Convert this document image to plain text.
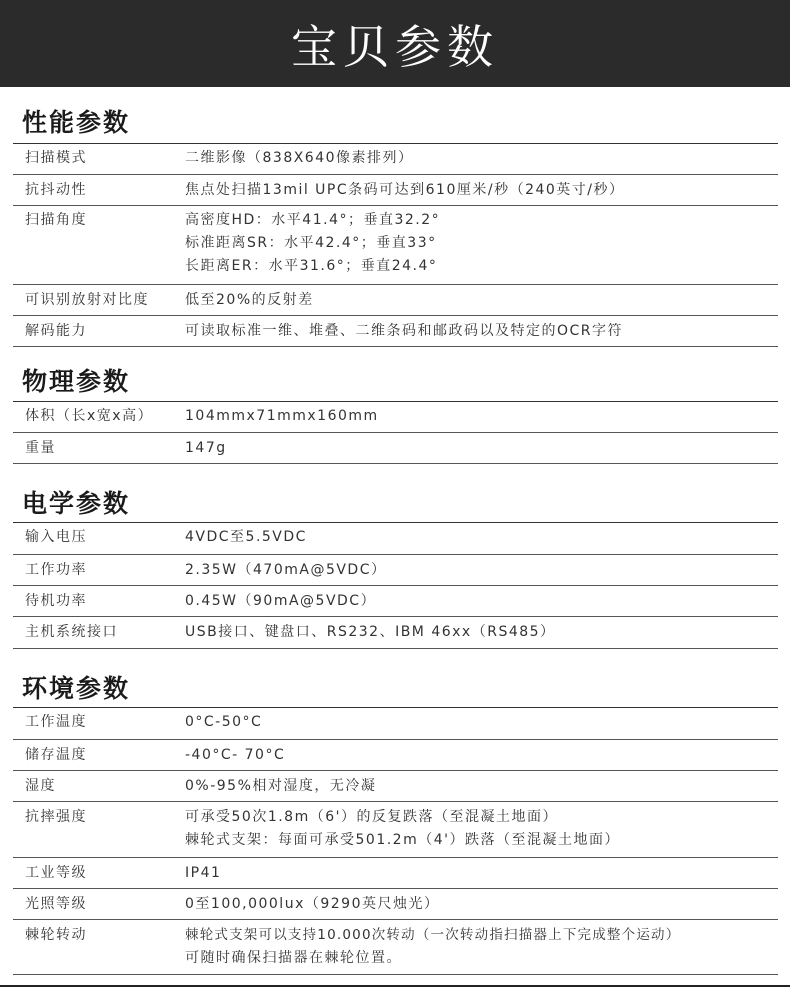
宝贝参数
性能参数
扫描模式	二维影像（838X640像素排列）
抗抖动性	焦点处扫描13mil UPC条码可达到610厘米/秒（240英寸/秒）
扫描角度	高密度HD：水平41.4°；垂直32.2°
标准距离SR：水平42.4°；垂直33°
长距离ER：水平31.6°；垂直24.4°
可识别放射对比度	低至20%的反射差
解码能力	可读取标准一维、堆叠、二维条码和邮政码以及特定的OCR字符
物理参数
体积（长x宽x高）	104mmx71mmx160mm
重量	147g
电学参数
输入电压	4VDC至5.5VDC
工作功率	2.35W（470mA@5VDC）
待机功率	0.45W（90mA@5VDC）
主机系统接口	USB接口、键盘口、RS232、IBM 46xx（RS485）
环境参数
工作温度	0°C-50°C
储存温度	-40°C- 70°C
湿度	0%-95%相对湿度，无冷凝
抗摔强度	可承受50次1.8m（6'）的反复跌落（至混凝土地面）
棘轮式支架：每面可承受501.2m（4'）跌落（至混凝土地面）
工业等级	IP41
光照等级	0至100,000lux（9290英尺烛光）
棘轮转动	棘轮式支架可以支持10.000次转动（一次转动指扫描器上下完成整个运动）
可随时确保扫描器在棘轮位置。
